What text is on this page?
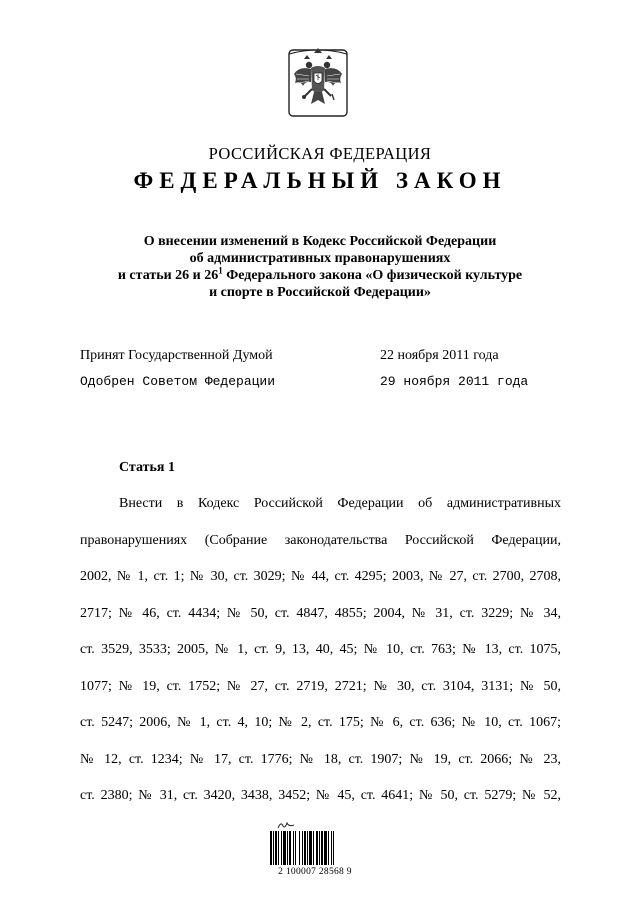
РОССИЙСКАЯ ФЕДЕРАЦИЯ
ФЕДЕРАЛЬНЫЙ ЗАКОН
О внесении изменений в Кодекс Российской Федерации
об административных правонарушениях
и статьи 26 и $26^1$ Федерального закона «О физической культуре
и спорте в Российской Федерации»
Принят Государственной Думой	22 ноября 2011 года
Одобрен Советом Федерации	29 ноября 2011 года
Статья 1
Внести в Кодекс Российской Федерации об административных
правонарушениях (Собрание законодательства Российской Федерации,
2002, № 1, ст. 1; № 30, ст. 3029; № 44, ст. 4295; 2003, № 27, ст. 2700, 2708,
2717; № 46, ст. 4434; № 50, ст. 4847, 4855; 2004, № 31, ст. 3229; № 34,
ст. 3529, 3533; 2005, № 1, ст. 9, 13, 40, 45; № 10, ст. 763; № 13, ст. 1075,
1077; № 19, ст. 1752; № 27, ст. 2719, 2721; № 30, ст. 3104, 3131; № 50,
ст. 5247; 2006, № 1, ст. 4, 10; № 2, ст. 175; № 6, ст. 636; № 10, ст. 1067;
№ 12, ст. 1234; № 17, ст. 1776; № 18, ст. 1907; № 19, ст. 2066; № 23,
ст. 2380; № 31, ст. 3420, 3438, 3452; № 45, ст. 4641; № 50, ст. 5279; № 52,
2 100007 28568 9
